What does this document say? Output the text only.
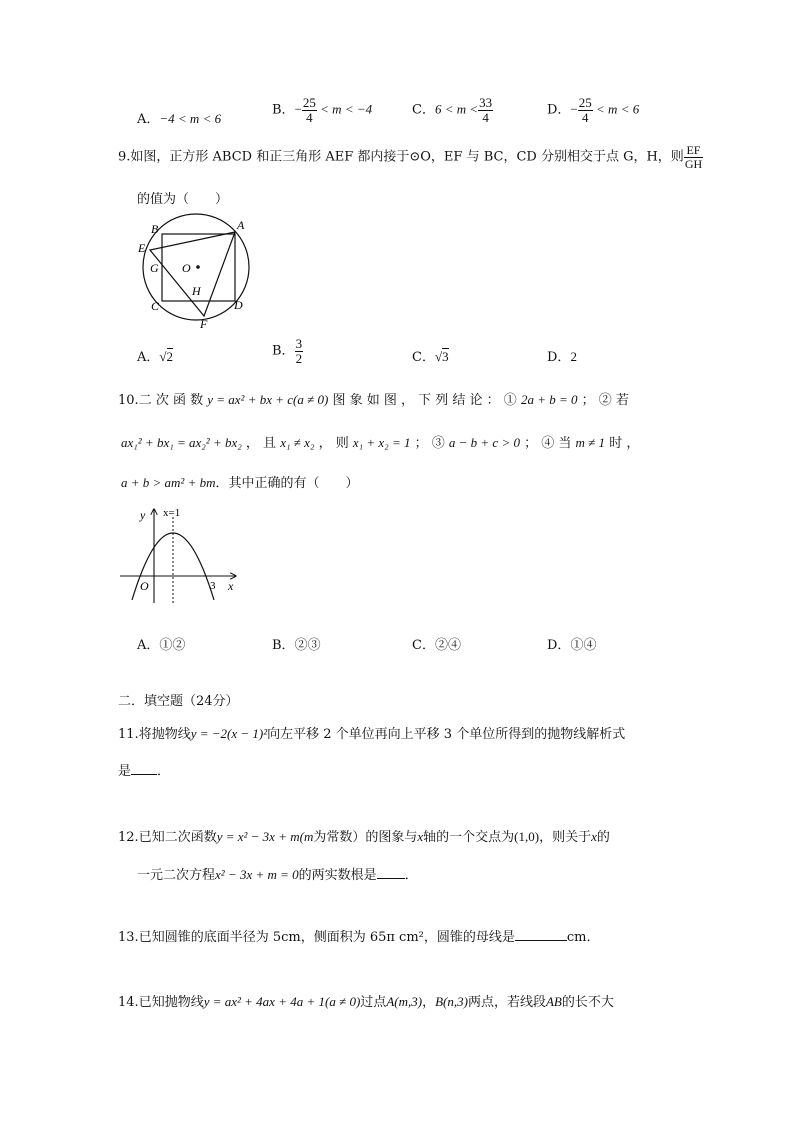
A．−4 < m < 6
B．− $\frac{25}{4} < m < -4$	C．$6 < m < \frac{33}{4}$	D．− $\frac{25}{4} < m < 6$
9.如图，正方形 ABCD 和正三角形 AEF 都内接于⊙O，EF 与 BC，CD 分别相交于点 G，H，则 $\frac{EF}{GH}$
的值为（　　）
B	A
E
G O
H
C	D
F
A．√2	B． $\frac{3}{2}$	C．√3	D．2
10.二 次 函 数 y = ax² + bx + c(a ≠ 0) 图 象 如 图 ， 下 列 结 论 ： ① 2a + b = 0 ； ② 若
ax₁² + bx₁ = ax₂² + bx₂ ， 且 x₁ ≠ x₂ ， 则 x₁ + x₂ = 1 ； ③ a − b + c > 0 ； ④ 当 m ≠ 1 时 ，
a + b > am² + bm．其中正确的有（　　）
y x=1
O	3 x
A．①②	B．②③	C．②④	D．①④
二．填空题（24分）
11.将抛物线y = −2(x − 1)²向左平移 2 个单位再向上平移 3 个单位所得到的抛物线解析式
是 ．
12.已知二次函数y = x² − 3x + m(m为常数）的图象与x轴的一个交点为(1,0)，则关于x的
一元二次方程x² − 3x + m = 0的两实数根是 ．
13.已知圆锥的底面半径为 5cm，侧面积为 65π cm²，圆锥的母线是	cm．
14.已知抛物线y = ax² + 4ax + 4a + 1(a ≠ 0)过点A(m,3)，B(n,3)两点，若线段AB的长不大
